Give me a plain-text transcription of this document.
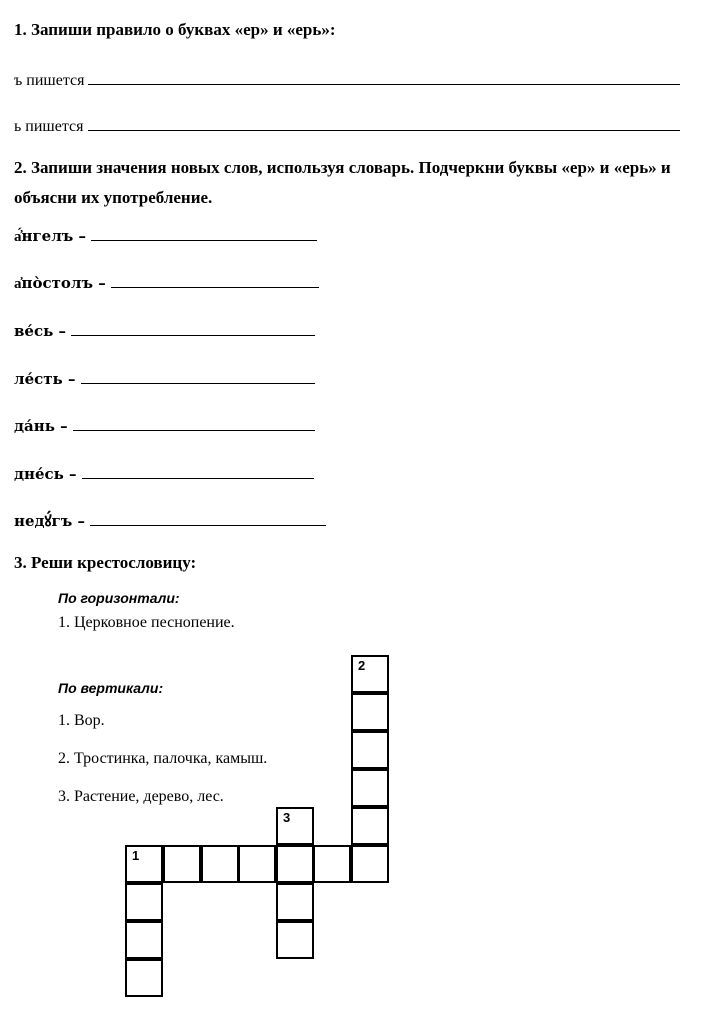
1. Запиши правило о буквах «ер» и «ерь»:
ъ пишется
ь пишется
2. Запиши значения новых слов, используя словарь. Подчеркни буквы «ер» и «ерь» и
объясни их употребление.
а҆́нгелъ –
а҆по̀столъ –
ве́сь –
ле́сть –
да́нь –
дне́сь –
недꙋ́гъ –
3. Реши крестословицу:
По горизонтали:
1. Церковное песнопение.
По вертикали:
1. Вор.
2. Тростинка, палочка, камыш.
3. Растение, дерево, лес.
2
3
1
